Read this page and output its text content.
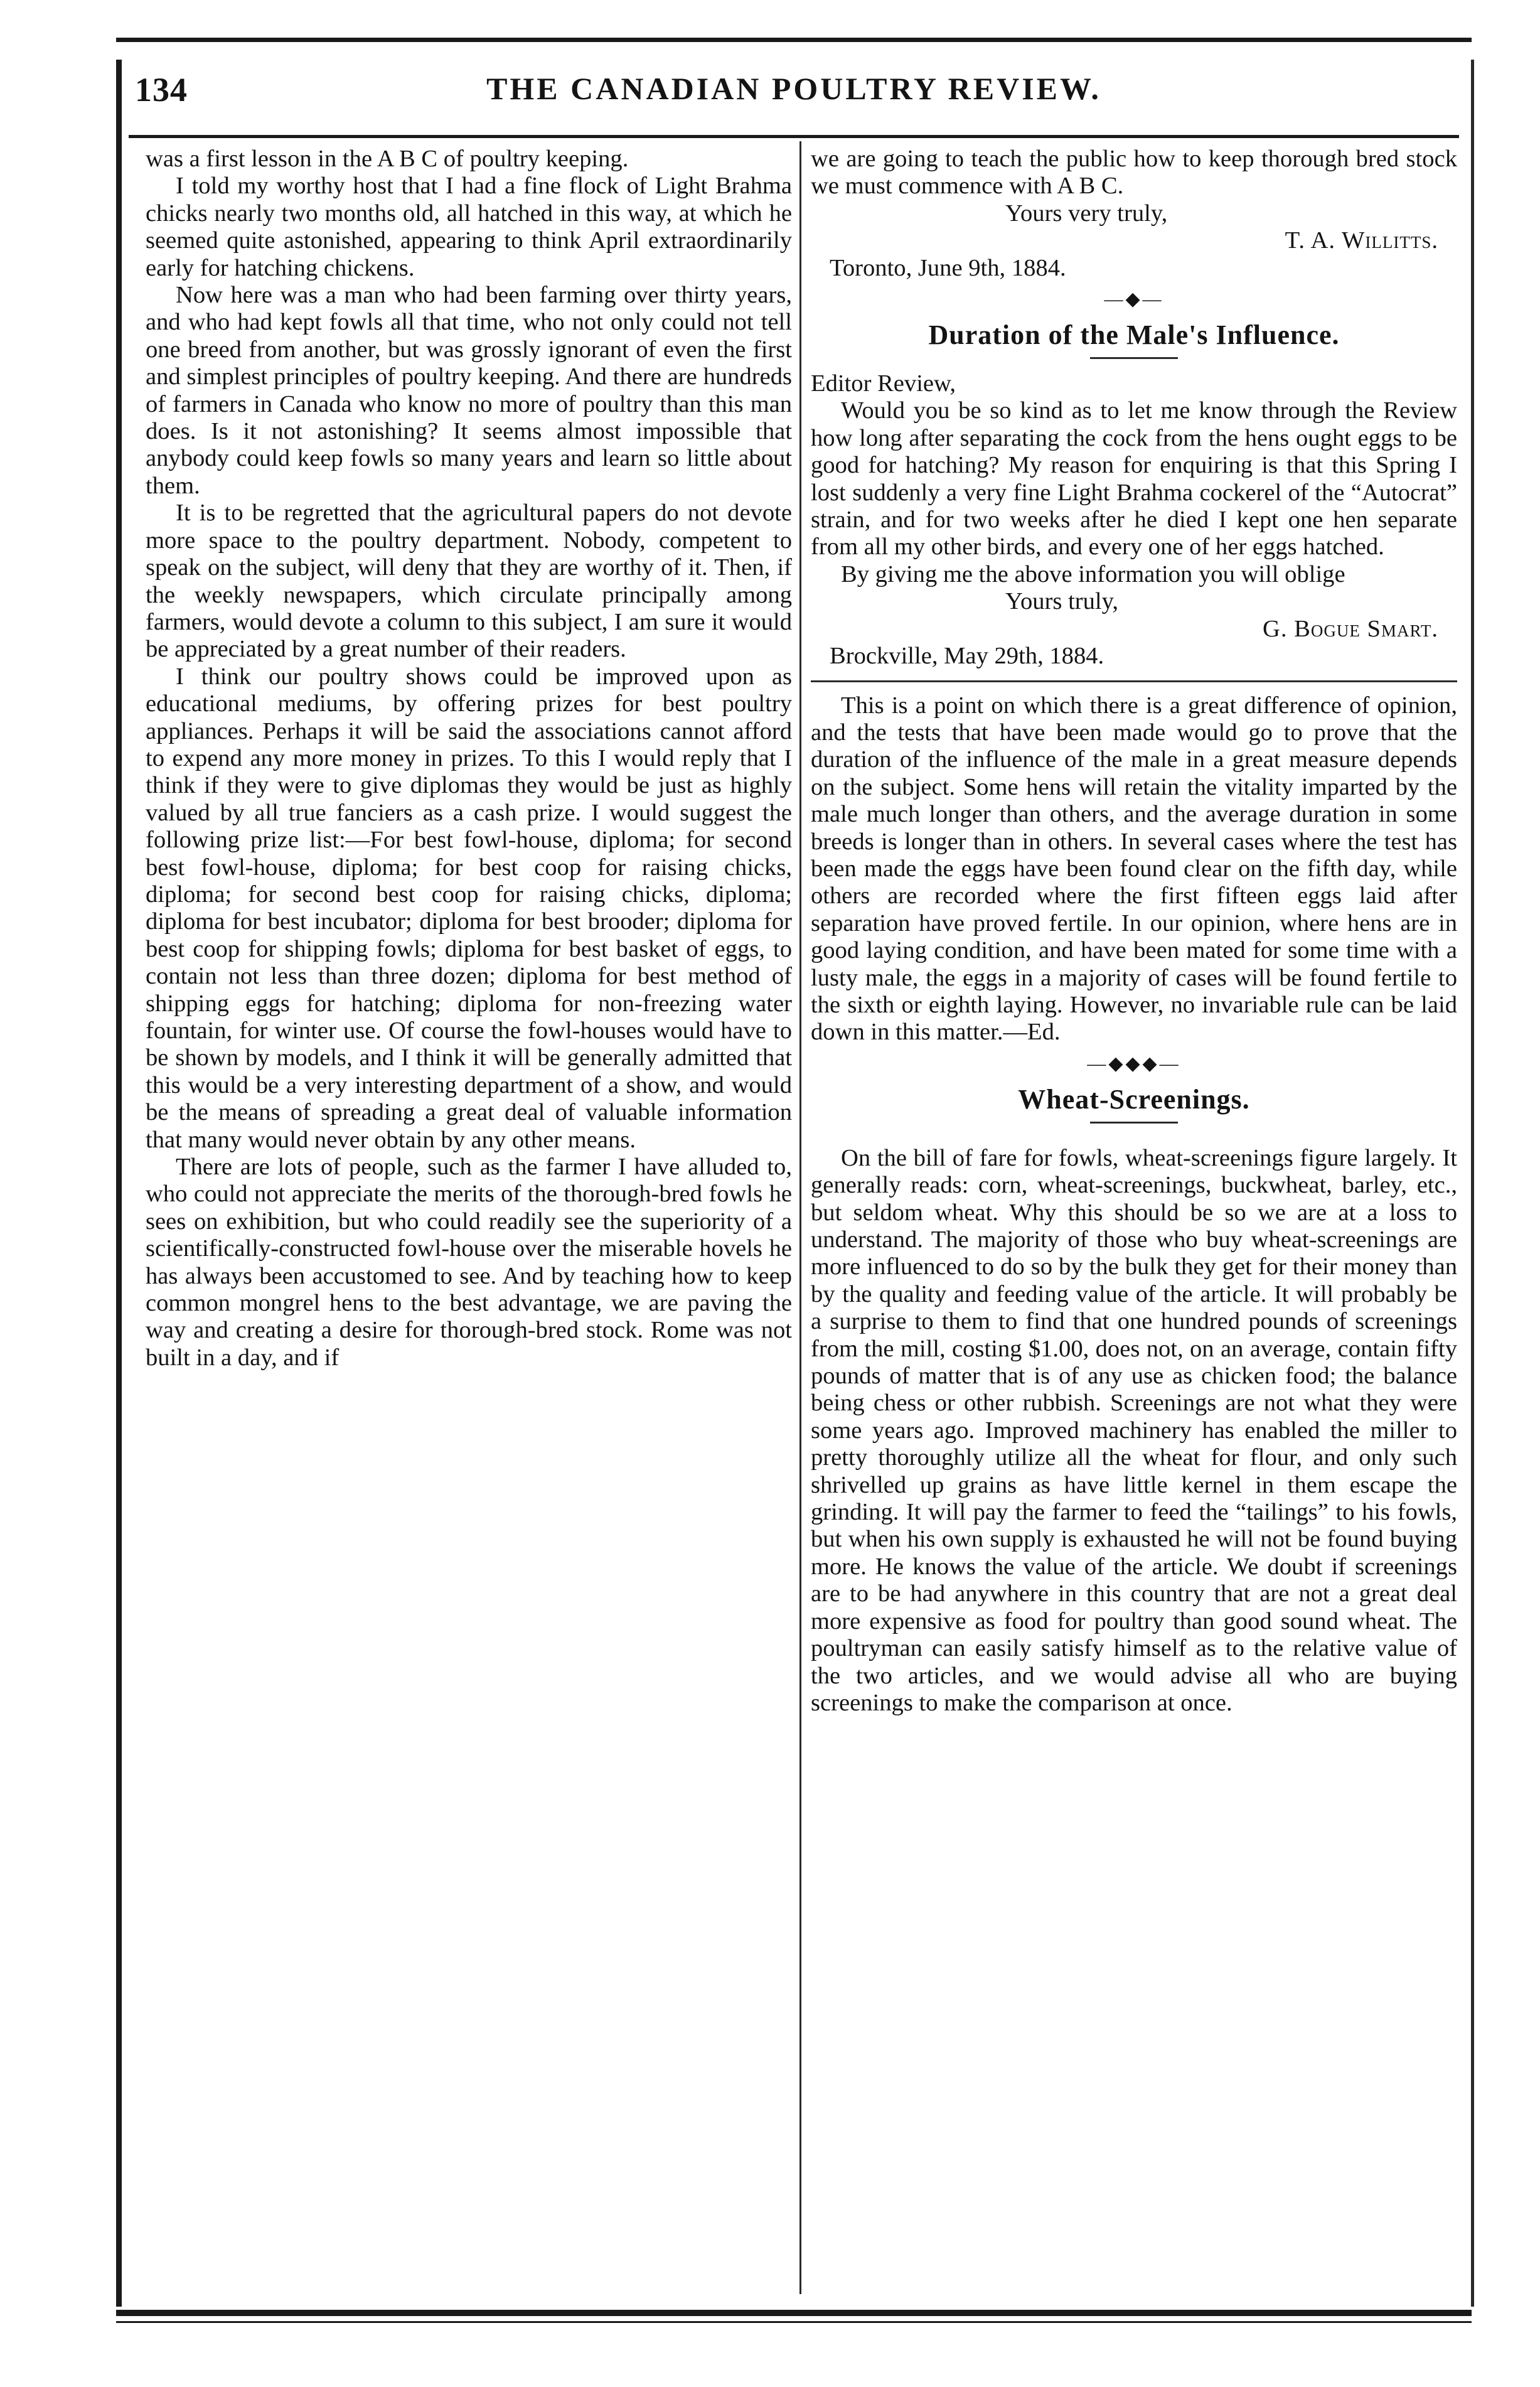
134	THE CANADIAN POULTRY REVIEW.

was a first lesson in the A B C of poultry keeping.

I told my worthy host that I had a fine flock of Light Brahma chicks nearly two months old, all hatched in this way, at which he seemed quite astonished, appearing to think April extraordinarily early for hatching chickens.

Now here was a man who had been farming over thirty years, and who had kept fowls all that time, who not only could not tell one breed from another, but was grossly ignorant of even the first and simplest principles of poultry keeping. And there are hundreds of farmers in Canada who know no more of poultry than this man does. Is it not astonishing? It seems almost impossible that anybody could keep fowls so many years and learn so little about them.

It is to be regretted that the agricultural papers do not devote more space to the poultry department. Nobody, competent to speak on the subject, will deny that they are worthy of it. Then, if the weekly newspapers, which circulate principally among farmers, would devote a column to this subject, I am sure it would be appreciated by a great number of their readers.

I think our poultry shows could be improved upon as educational mediums, by offering prizes for best poultry appliances. Perhaps it will be said the associations cannot afford to expend any more money in prizes. To this I would reply that I think if they were to give diplomas they would be just as highly valued by all true fanciers as a cash prize. I would suggest the following prize list:—For best fowl-house, diploma; for second best fowl-house, diploma; for best coop for raising chicks, diploma; for second best coop for raising chicks, diploma; diploma for best incubator; diploma for best brooder; diploma for best coop for shipping fowls; diploma for best basket of eggs, to contain not less than three dozen; diploma for best method of shipping eggs for hatching; diploma for non-freezing water fountain, for winter use. Of course the fowl-houses would have to be shown by models, and I think it will be generally admitted that this would be a very interesting department of a show, and would be the means of spreading a great deal of valuable information that many would never obtain by any other means.

There are lots of people, such as the farmer I have alluded to, who could not appreciate the merits of the thorough-bred fowls he sees on exhibition, but who could readily see the superiority of a scientifically-constructed fowl-house over the miserable hovels he has always been accustomed to see. And by teaching how to keep common mongrel hens to the best advantage, we are paving the way and creating a desire for thorough-bred stock. Rome was not built in a day, and if

we are going to teach the public how to keep thorough bred stock we must commence with A B C.

Yours very truly,

T. A. Willitts.

Toronto, June 9th, 1884.

—◆—
Duration of the Male's Influence.

Editor Review,

Would you be so kind as to let me know through the Review how long after separating the cock from the hens ought eggs to be good for hatching? My reason for enquiring is that this Spring I lost suddenly a very fine Light Brahma cockerel of the “Autocrat” strain, and for two weeks after he died I kept one hen separate from all my other birds, and every one of her eggs hatched.

By giving me the above information you will oblige

Yours truly,

G. Bogue Smart.

Brockville, May 29th, 1884.

This is a point on which there is a great difference of opinion, and the tests that have been made would go to prove that the duration of the influence of the male in a great measure depends on the subject. Some hens will retain the vitality imparted by the male much longer than others, and the average duration in some breeds is longer than in others. In several cases where the test has been made the eggs have been found clear on the fifth day, while others are recorded where the first fifteen eggs laid after separation have proved fertile. In our opinion, where hens are in good laying condition, and have been mated for some time with a lusty male, the eggs in a majority of cases will be found fertile to the sixth or eighth laying. However, no invariable rule can be laid down in this matter.—Ed.

—◆◆◆—
Wheat-Screenings.

On the bill of fare for fowls, wheat-screenings figure largely. It generally reads: corn, wheat-screenings, buckwheat, barley, etc., but seldom wheat. Why this should be so we are at a loss to understand. The majority of those who buy wheat-screenings are more influenced to do so by the bulk they get for their money than by the quality and feeding value of the article. It will probably be a surprise to them to find that one hundred pounds of screenings from the mill, costing $1.00, does not, on an average, contain fifty pounds of matter that is of any use as chicken food; the balance being chess or other rubbish. Screenings are not what they were some years ago. Improved machinery has enabled the miller to pretty thoroughly utilize all the wheat for flour, and only such shrivelled up grains as have little kernel in them escape the grinding. It will pay the farmer to feed the “tailings” to his fowls, but when his own supply is exhausted he will not be found buying more. He knows the value of the article. We doubt if screenings are to be had anywhere in this country that are not a great deal more expensive as food for poultry than good sound wheat. The poultryman can easily satisfy himself as to the relative value of the two articles, and we would advise all who are buying screenings to make the comparison at once.
